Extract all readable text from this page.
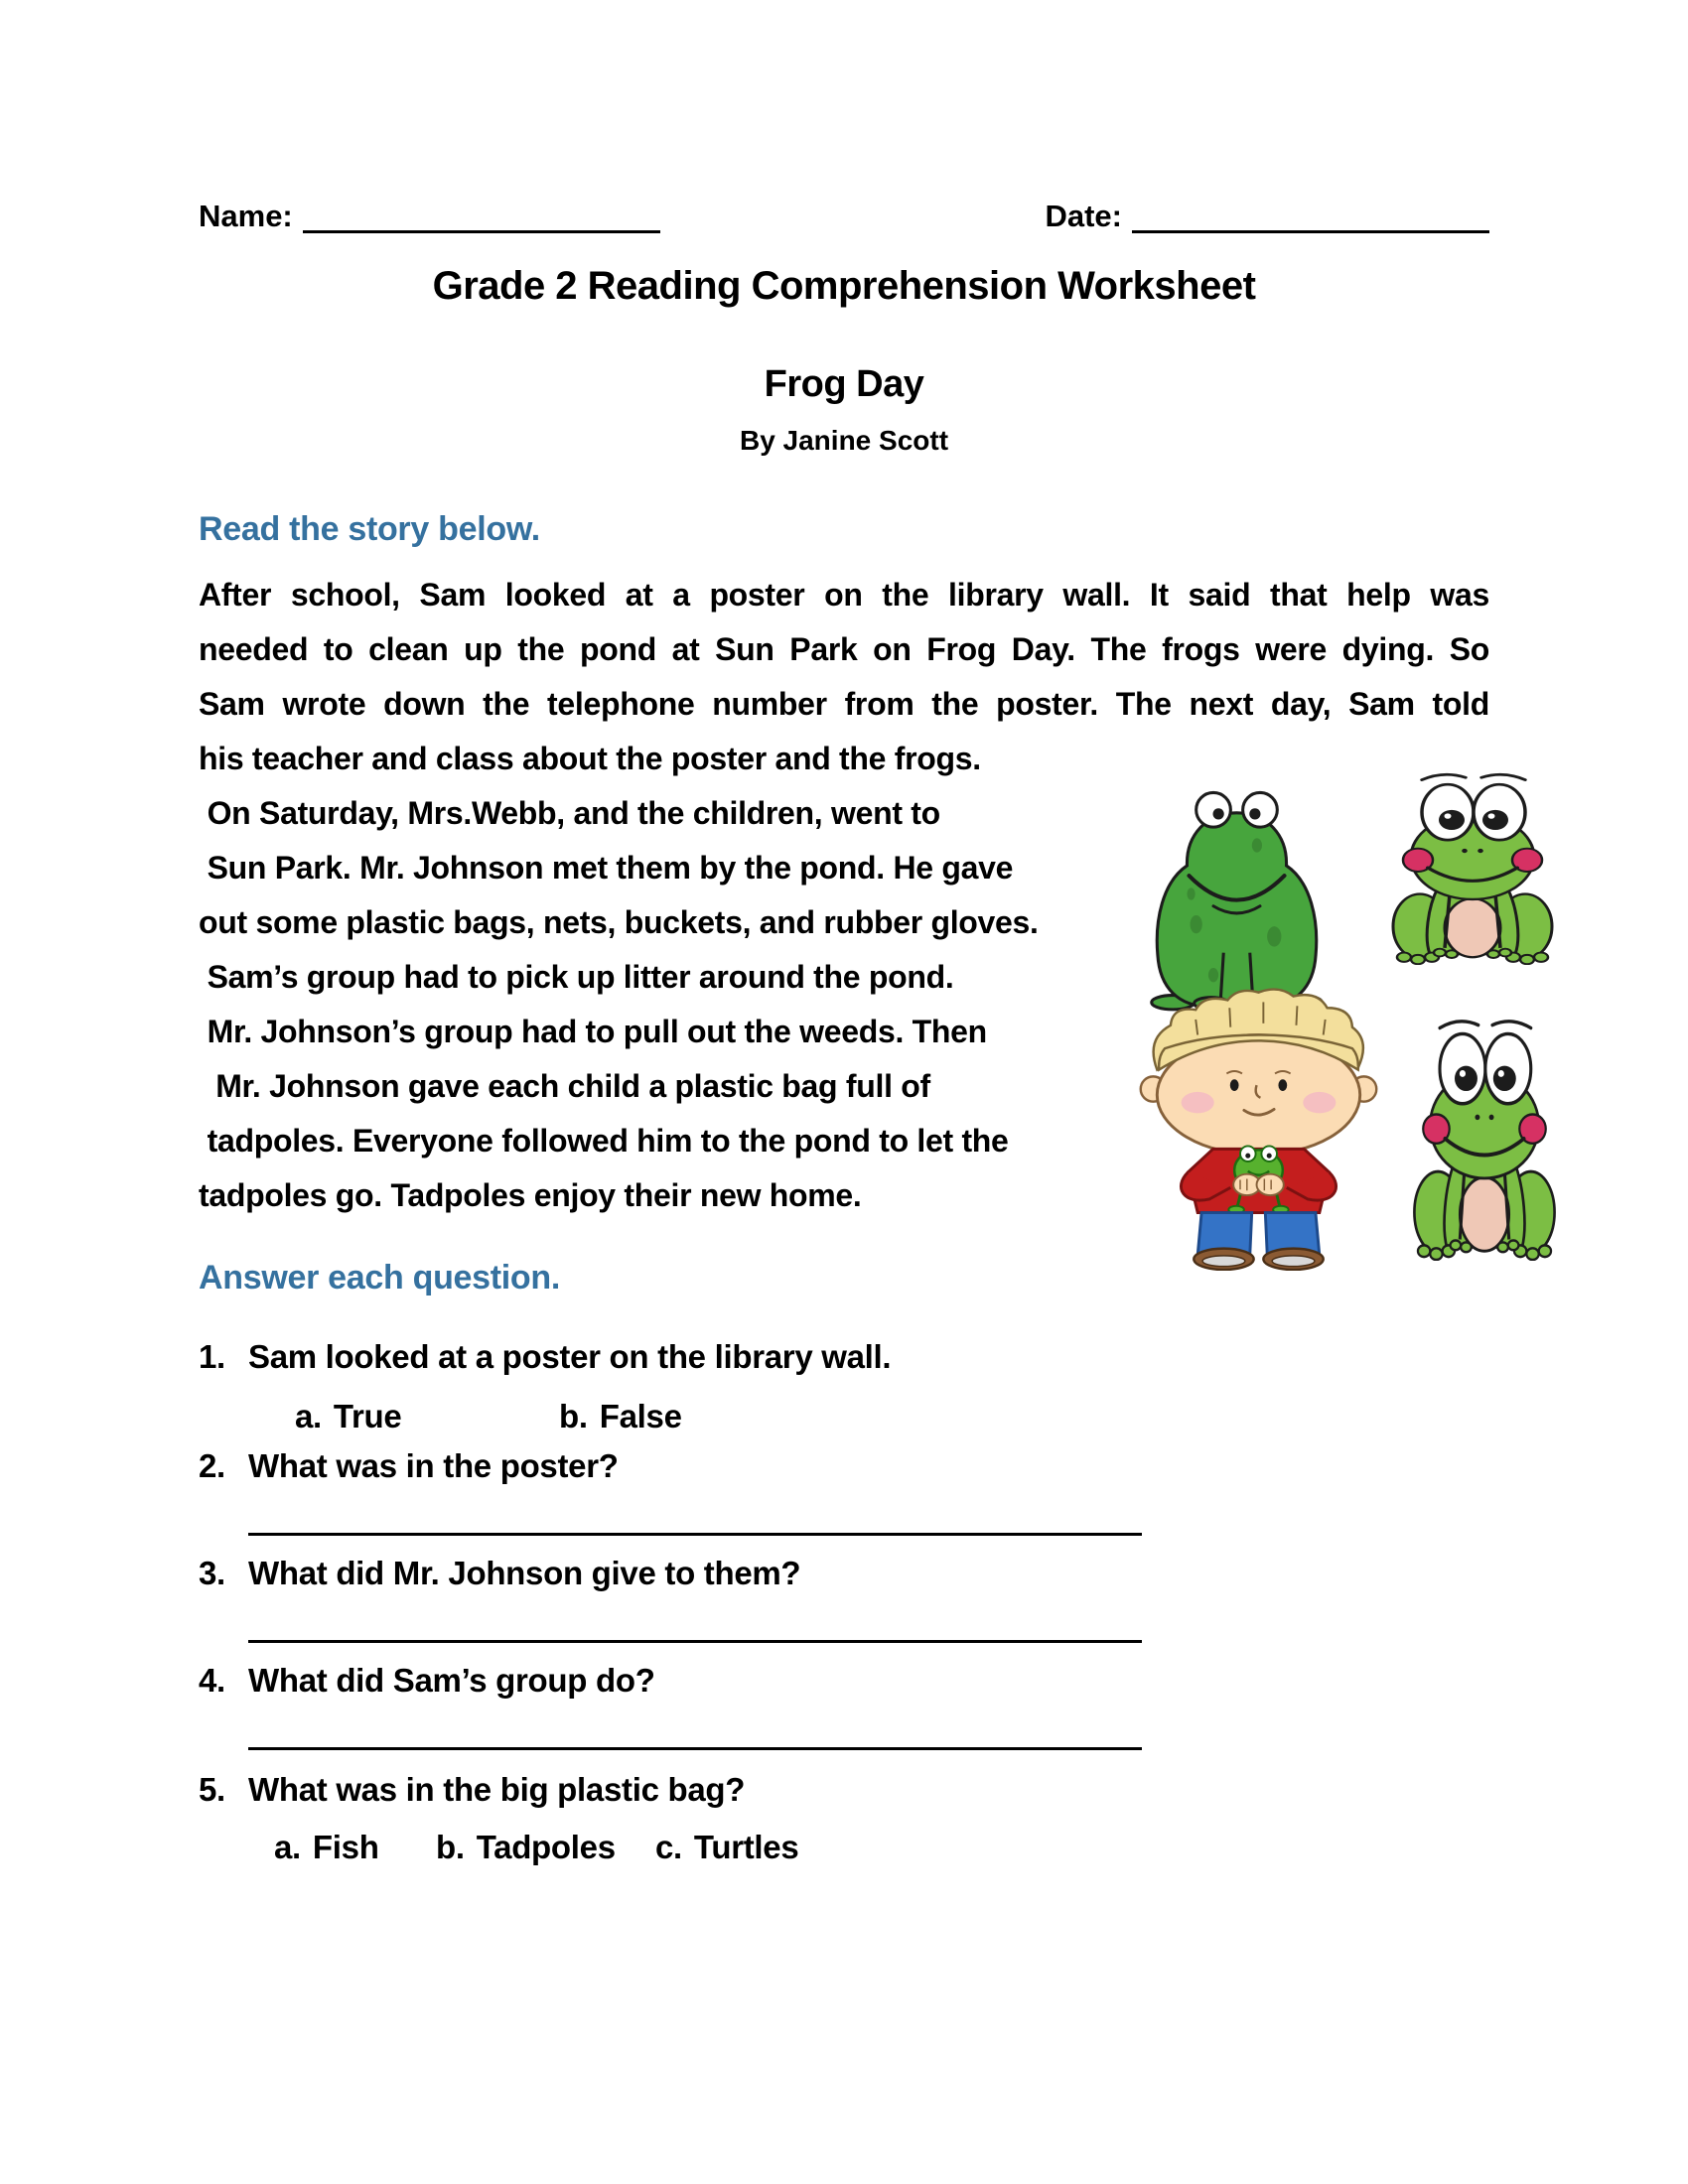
Name:	Date:
Grade 2 Reading Comprehension Worksheet
Frog Day
By Janine Scott
Read the story below.
After school, Sam looked at a poster on the library wall. It said that help was
needed to clean up the pond at Sun Park on Frog Day. The frogs were dying. So
Sam wrote down the telephone number from the poster. The next day, Sam told
his teacher and class about the poster and the frogs.
On Saturday, Mrs.Webb, and the children, went to
Sun Park. Mr. Johnson met them by the pond. He gave
out some plastic bags, nets, buckets, and rubber gloves.
Sam’s group had to pick up litter around the pond.
Mr. Johnson’s group had to pull out the weeds. Then
Mr. Johnson gave each child a plastic bag full of
tadpoles. Everyone followed him to the pond to let the
tadpoles go. Tadpoles enjoy their new home.
Answer each question.
1. Sam looked at a poster on the library wall.
a. True	b. False
2. What was in the poster?
3. What did Mr. Johnson give to them?
4. What did Sam’s group do?
5. What was in the big plastic bag?
a. Fish b. Tadpoles c. Turtles
